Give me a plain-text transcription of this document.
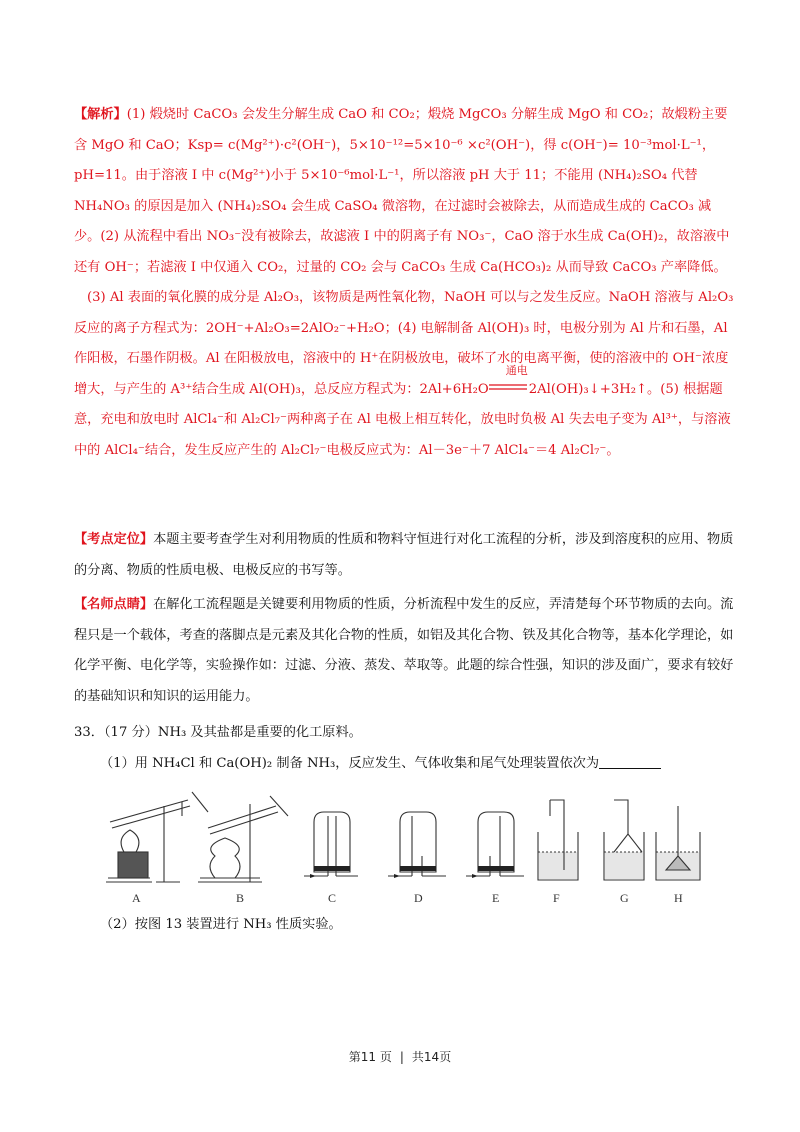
【解析】(1) 煅烧时 CaCO₃ 会发生分解生成 CaO 和 CO₂；煅烧 MgCO₃ 分解生成 MgO 和 CO₂；故煅粉主要含 MgO 和 CaO；Ksp= c(Mg²⁺)·c²(OH⁻)，5×10⁻¹²=5×10⁻⁶ ×c²(OH⁻)，得 c(OH⁻)= 10⁻³mol·L⁻¹，　pH=11。由于溶液 I 中 c(Mg²⁺)小于 5×10⁻⁶mol·L⁻¹，所以溶液 pH 大于 11；不能用 (NH₄)₂SO₄ 代替 NH₄NO₃ 的原因是加入 (NH₄)₂SO₄ 会生成 CaSO₄ 微溶物，在过滤时会被除去，从而造成生成的 CaCO₃ 减少。(2) 从流程中看出 NO₃⁻没有被除去，故滤液 I 中的阴离子有 NO₃⁻，CaO 溶于水生成 Ca(OH)₂，故溶液中还有 OH⁻；若滤液 I 中仅通入 CO₂，过量的 CO₂ 会与 CaCO₃ 生成 Ca(HCO₃)₂ 从而导致 CaCO₃ 产率降低。
(3) Al 表面的氧化膜的成分是 Al₂O₃，该物质是两性氧化物，NaOH 可以与之发生反应。NaOH 溶液与 Al₂O₃ 反应的离子方程式为：2OH⁻+Al₂O₃=2AlO₂⁻+H₂O；(4) 电解制备 Al(OH)₃ 时，电极分别为 Al 片和石墨，Al 作阳极，石墨作阴极。Al 在阳极放电，溶液中的 H⁺在阴极放电，破坏了水的电离平衡，使的溶液中的 OH⁻浓度增大，与产生的 A³⁺结合生成 Al(OH)₃，总反应方程式为：2Al+6H₂O
通电
2Al(OH)₃↓+3H₂↑。(5) 根据题意，充电和放电时 AlCl₄⁻和 Al₂Cl₇⁻两种离子在 Al 电极上相互转化，放电时负极 Al 失去电子变为 Al³⁺，与溶液中的 AlCl₄⁻结合，发生反应产生的 Al₂Cl₇⁻电极反应式为：Al－3e⁻＋7 AlCl₄⁻＝4 Al₂Cl₇⁻。
【考点定位】本题主要考查学生对利用物质的性质和物料守恒进行对化工流程的分析，涉及到溶度积的应用、物质的分离、物质的性质电极、电极反应的书写等。
【名师点睛】在解化工流程题是关键要利用物质的性质，分析流程中发生的反应，弄清楚每个环节物质的去向。流程只是一个载体，考查的落脚点是元素及其化合物的性质，如铝及其化合物、铁及其化合物等，基本化学理论，如化学平衡、电化学等，实验操作如：过滤、分液、蒸发、萃取等。此题的综合性强，知识的涉及面广，要求有较好的基础知识和知识的运用能力。
33．（17 分）NH₃ 及其盐都是重要的化工原料。
（1）用 NH₄Cl 和 Ca(OH)₂ 制备 NH₃，反应发生、气体收集和尾气处理装置依次为
A	B	C	D	E	F	G	H
（2）按图 13 装置进行 NH₃ 性质实验。
第11 页 | 共14页
